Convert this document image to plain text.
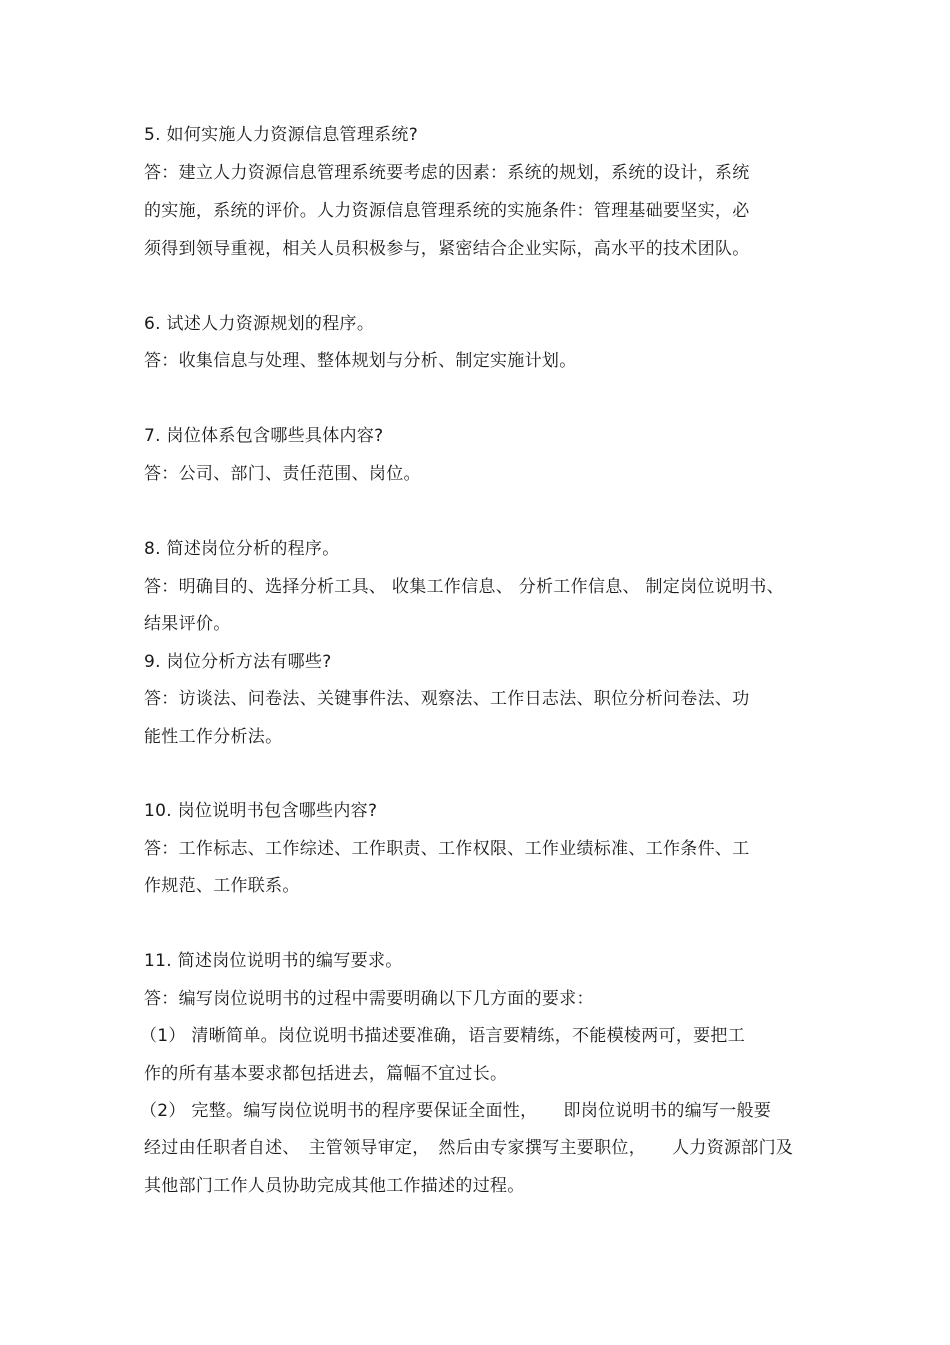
5. 如何实施人力资源信息管理系统?
答：建立人力资源信息管理系统要考虑的因素：系统的规划，系统的设计，系统
的实施，系统的评价。人力资源信息管理系统的实施条件：管理基础要坚实，必
须得到领导重视，相关人员积极参与，紧密结合企业实际，高水平的技术团队。
6. 试述人力资源规划的程序。
答：收集信息与处理、整体规划与分析、制定实施计划。
7. 岗位体系包含哪些具体内容?
答：公司、部门、责任范围、岗位。
8. 简述岗位分析的程序。
答：明确目的、选择分析工具、 收集工作信息、 分析工作信息、 制定岗位说明书、
结果评价。
9. 岗位分析方法有哪些?
答：访谈法、问卷法、关键事件法、观察法、工作日志法、职位分析问卷法、功
能性工作分析法。
10. 岗位说明书包含哪些内容?
答：工作标志、工作综述、工作职责、工作权限、工作业绩标准、工作条件、工
作规范、工作联系。
11. 简述岗位说明书的编写要求。
答：编写岗位说明书的过程中需要明确以下几方面的要求：
（1） 清晰简单。岗位说明书描述要准确，语言要精练，不能模棱两可，要把工
作的所有基本要求都包括进去，篇幅不宜过长。
（2） 完整。编写岗位说明书的程序要保证全面性，　　即岗位说明书的编写一般要
经过由任职者自述、　主管领导审定，　然后由专家撰写主要职位，　　人力资源部门及
其他部门工作人员协助完成其他工作描述的过程。
